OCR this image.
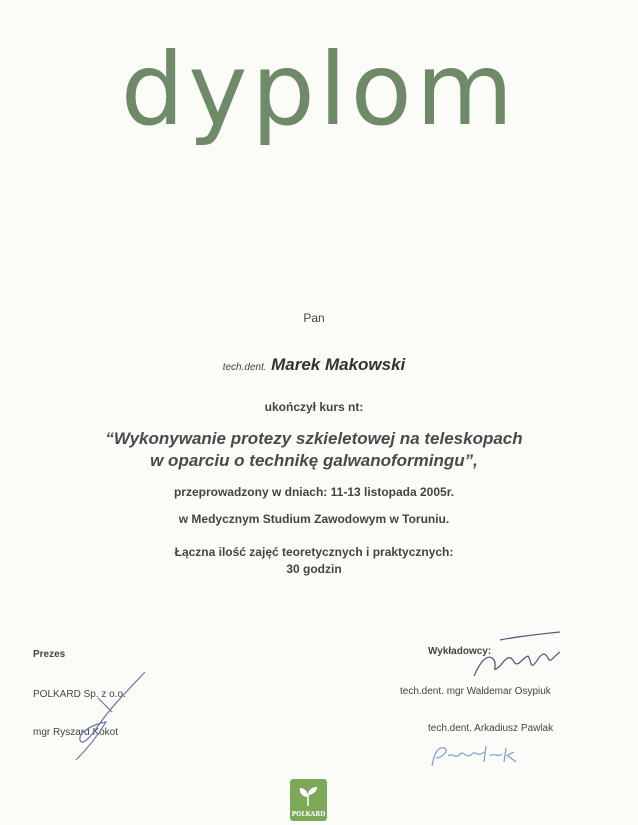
dyplom
Pan
tech.dent. Marek Makowski
ukończył kurs nt:
“Wykonywanie protezy szkieletowej na teleskopach
w oparciu o technikę galwanoformingu”,
przeprowadzony w dniach: 11-13 listopada 2005r.
w Medycznym Studium Zawodowym w Toruniu.
Łączna ilość zajęć teoretycznych i praktycznych:
30 godzin
Prezes
POLKARD Sp. z o.o.
mgr Ryszard Kokot
Wykładowcy:
tech.dent. mgr Waldemar Osypiuk
tech.dent. Arkadiusz Pawlak
POLKARD
